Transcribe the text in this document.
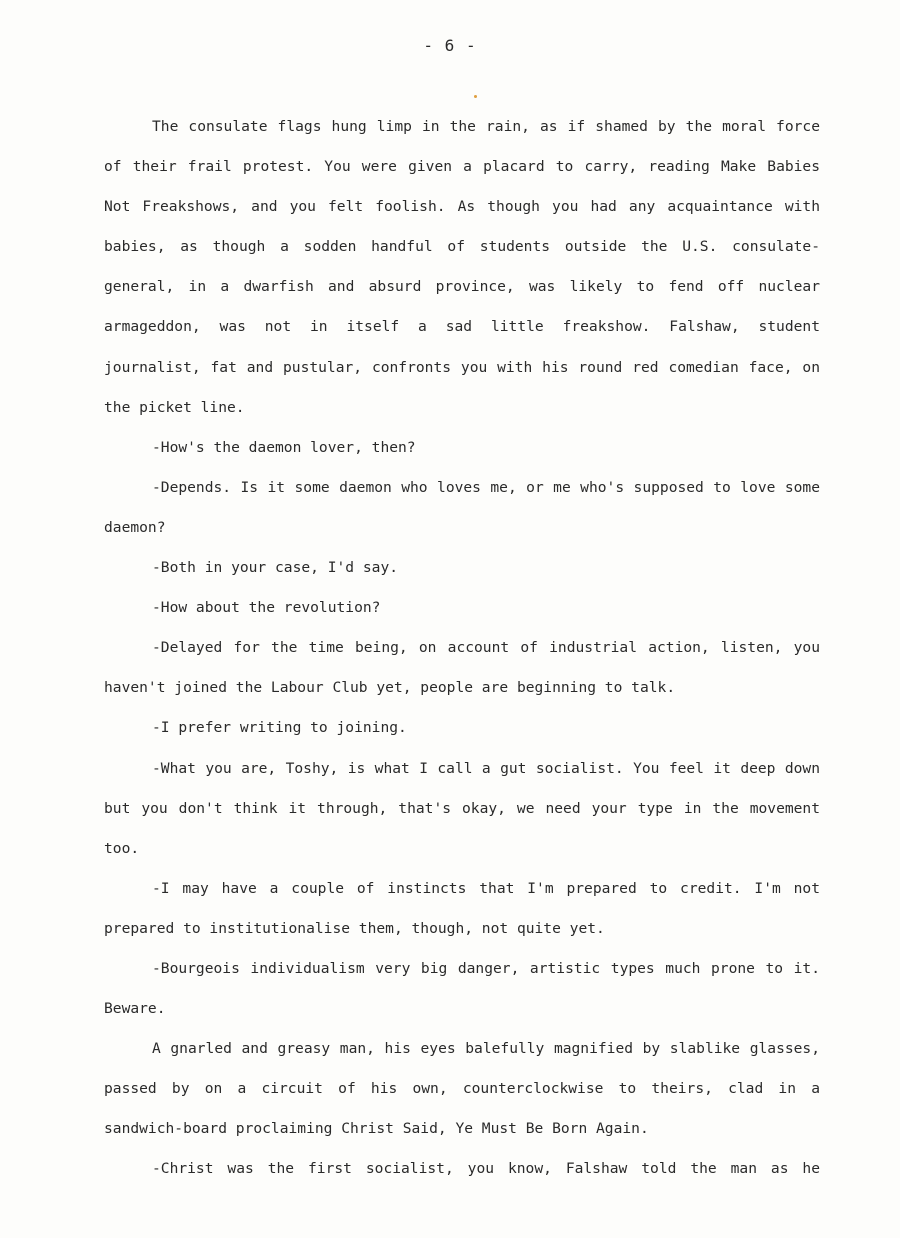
- 6 -

The consulate flags hung limp in the rain, as if shamed by the moral force of their frail protest. You were given a placard to carry, reading Make Babies Not Freakshows, and you felt foolish. As though you had any acquaintance with babies, as though a sodden handful of students outside the U.S. consulate-general, in a dwarfish and absurd province, was likely to fend off nuclear armageddon, was not in itself a sad little freakshow. Falshaw, student journalist, fat and pustular, confronts you with his round red comedian face, on the picket line.

-How's the daemon lover, then?

-Depends. Is it some daemon who loves me, or me who's supposed to love some daemon?

-Both in your case, I'd say.

-How about the revolution?

-Delayed for the time being, on account of industrial action, listen, you haven't joined the Labour Club yet, people are beginning to talk.

-I prefer writing to joining.

-What you are, Toshy, is what I call a gut socialist. You feel it deep down but you don't think it through, that's okay, we need your type in the movement too.

-I may have a couple of instincts that I'm prepared to credit. I'm not prepared to institutionalise them, though, not quite yet.

-Bourgeois individualism very big danger, artistic types much prone to it. Beware.

A gnarled and greasy man, his eyes balefully magnified by slablike glasses, passed by on a circuit of his own, counterclockwise to theirs, clad in a sandwich-board proclaiming Christ Said, Ye Must Be Born Again.

-Christ was the first socialist, you know, Falshaw told the man as he
